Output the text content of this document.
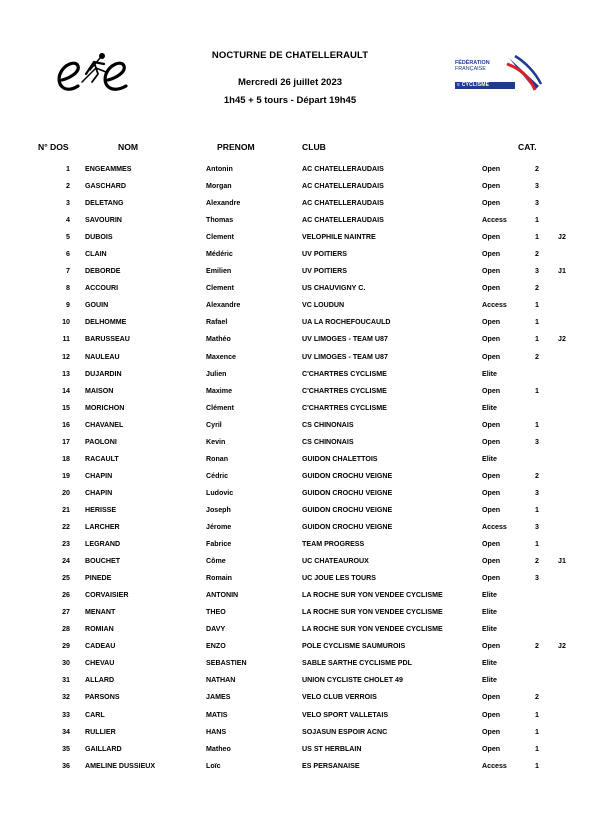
NOCTURNE DE CHATELLERAULT
Mercredi 26 juillet 2023
1h45 + 5 tours - Départ 19h45
FÉDÉRATION
FRANÇAISE
≡ CYCLISME
N° DOS	NOM	PRENOM	CLUB	CAT.
1 ENGEAMMES	Antonin	AC CHATELLERAUDAIS	Open	2
2 GASCHARD	Morgan	AC CHATELLERAUDAIS	Open	3
3 DELETANG	Alexandre	AC CHATELLERAUDAIS	Open	3
4 SAVOURIN	Thomas	AC CHATELLERAUDAIS	Access	1
5 DUBOIS	Clement	VELOPHILE NAINTRE	Open	1	J2
6 CLAIN	Médéric	UV POITIERS	Open	2
7 DEBORDE	Emilien	UV POITIERS	Open	3	J1
8 ACCOURI	Clement	US CHAUVIGNY C.	Open	2
9 GOUIN	Alexandre	VC LOUDUN	Access	1
10 DELHOMME	Rafael	UA LA ROCHEFOUCAULD	Open	1
11 BARUSSEAU	Mathéo	UV LIMOGES - TEAM U87	Open	1	J2
12 NAULEAU	Maxence	UV LIMOGES - TEAM U87	Open	2
13 DUJARDIN	Julien	C'CHARTRES CYCLISME	Elite
14 MAISON	Maxime	C'CHARTRES CYCLISME	Open	1
15 MORICHON	Clément	C'CHARTRES CYCLISME	Elite
16 CHAVANEL	Cyril	CS CHINONAIS	Open	1
17 PAOLONI	Kevin	CS CHINONAIS	Open	3
18 RACAULT	Ronan	GUIDON CHALETTOIS	Elite
19 CHAPIN	Cédric	GUIDON CROCHU VEIGNE	Open	2
20 CHAPIN	Ludovic	GUIDON CROCHU VEIGNE	Open	3
21 HERISSE	Joseph	GUIDON CROCHU VEIGNE	Open	1
22 LARCHER	Jérome	GUIDON CROCHU VEIGNE	Access	3
23 LEGRAND	Fabrice	TEAM PROGRESS	Open	1
24 BOUCHET	Côme	UC CHATEAUROUX	Open	2	J1
25 PINEDE	Romain	UC JOUE LES TOURS	Open	3
26 CORVAISIER	ANTONIN	LA ROCHE SUR YON VENDEE CYCLISME	Elite
27 MENANT	THEO	LA ROCHE SUR YON VENDEE CYCLISME	Elite
28 ROMIAN	DAVY	LA ROCHE SUR YON VENDEE CYCLISME	Elite
29 CADEAU	ENZO	POLE CYCLISME SAUMUROIS	Open	2	J2
30 CHEVAU	SEBASTIEN	SABLE SARTHE CYCLISME PDL	Elite
31 ALLARD	NATHAN	UNION CYCLISTE CHOLET 49	Elite
32 PARSONS	JAMES	VELO CLUB VERROIS	Open	2
33 CARL	MATIS	VELO SPORT VALLETAIS	Open	1
34 RULLIER	HANS	SOJASUN ESPOIR ACNC	Open	1
35 GAILLARD	Matheo	US ST HERBLAIN	Open	1
36 AMELINE DUSSIEUX	Loïc	ES PERSANAISE	Access	1
